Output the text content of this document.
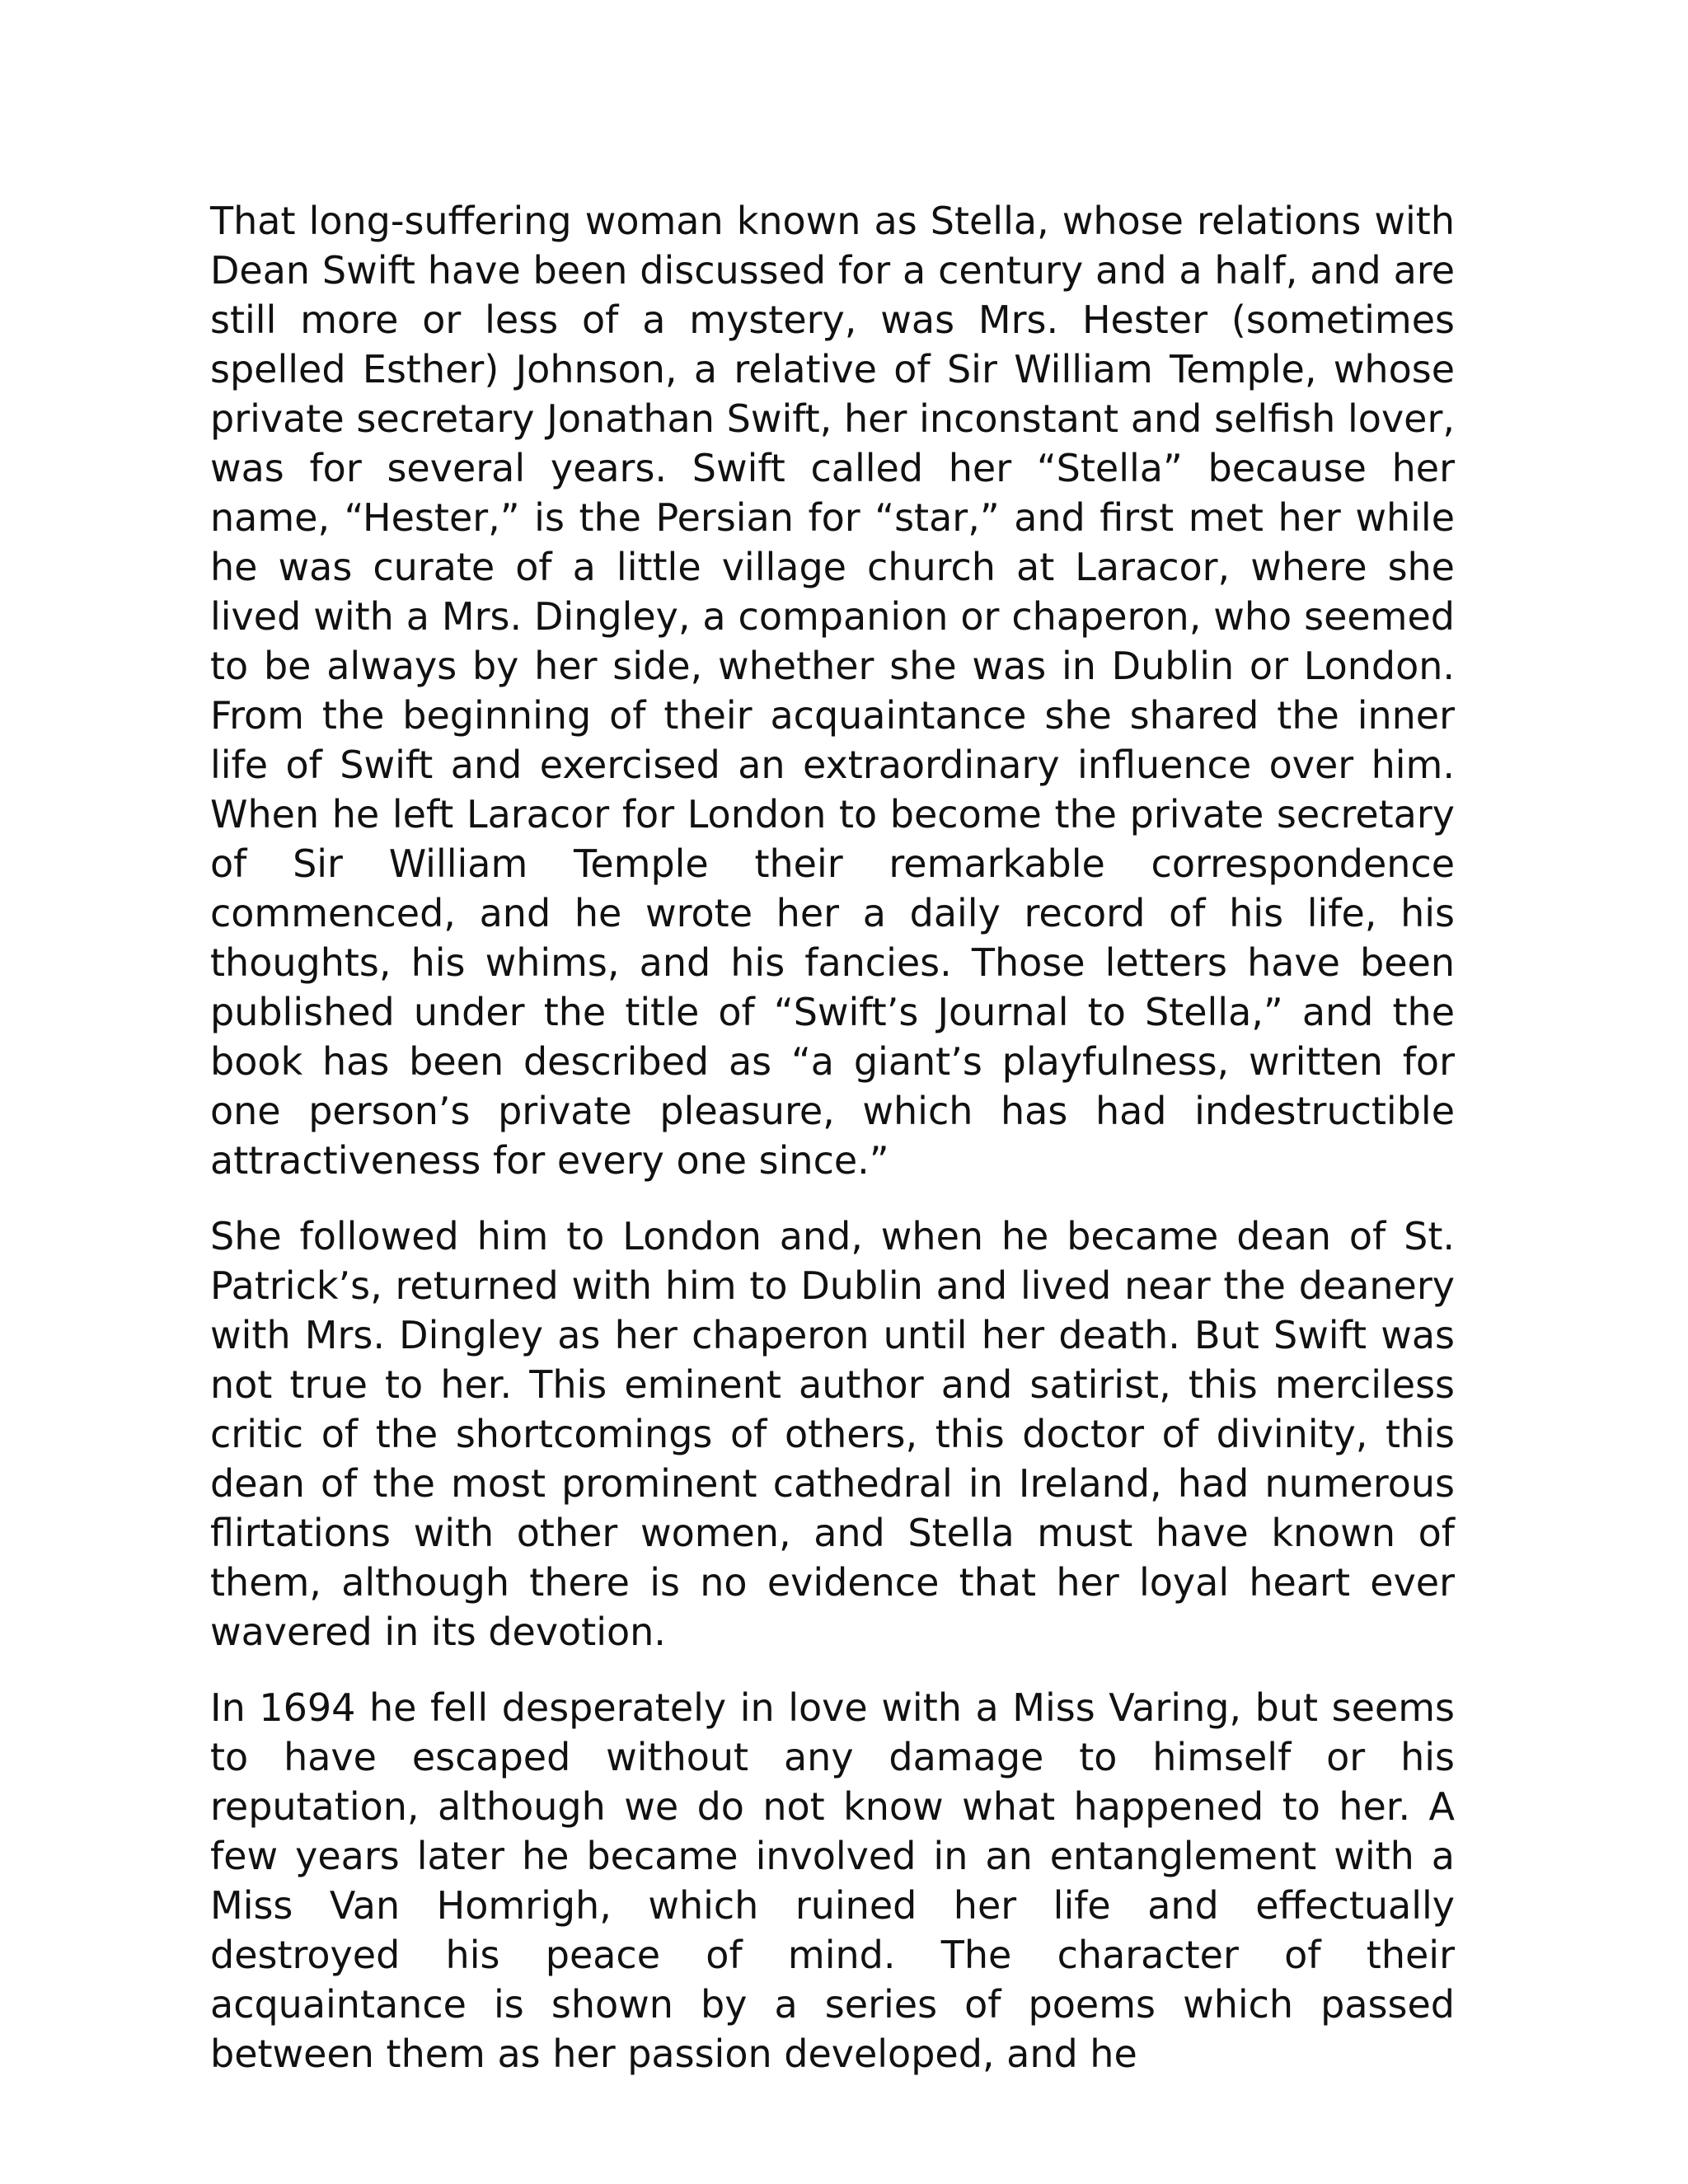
That long-suffering woman known as Stella, whose relations with Dean Swift have been discussed for a century and a half, and are still more or less of a mystery, was Mrs. Hester (sometimes spelled Esther) Johnson, a relative of Sir William Temple, whose private secretary Jonathan Swift, her inconstant and selfish lover, was for several years. Swift called her “Stella” because her name, “Hester,” is the Persian for “star,” and first met her while he was curate of a little village church at Laracor, where she lived with a Mrs. Dingley, a companion or chaperon, who seemed to be always by her side, whether she was in Dublin or London. From the beginning of their acquaintance she shared the inner life of Swift and exercised an extraordinary influence over him. When he left Laracor for London to become the private secretary of Sir William Temple their remarkable correspondence commenced, and he wrote her a daily record of his life, his thoughts, his whims, and his fancies. Those letters have been published under the title of “Swift’s Journal to Stella,” and the book has been described as “a giant’s playfulness, written for one person’s private pleasure, which has had indestructible attractiveness for every one since.”

She followed him to London and, when he became dean of St. Patrick’s, returned with him to Dublin and lived near the deanery with Mrs. Dingley as her chaperon until her death. But Swift was not true to her. This eminent author and satirist, this merciless critic of the shortcomings of others, this doctor of divinity, this dean of the most prominent cathedral in Ireland, had numerous flirtations with other women, and Stella must have known of them, although there is no evidence that her loyal heart ever wavered in its devotion.

In 1694 he fell desperately in love with a Miss Varing, but seems to have escaped without any damage to himself or his reputation, although we do not know what happened to her. A few years later he became involved in an entanglement with a Miss Van Homrigh, which ruined her life and effectually destroyed his peace of mind. The character of their acquaintance is shown by a series of poems which passed between them as her passion developed, and he
